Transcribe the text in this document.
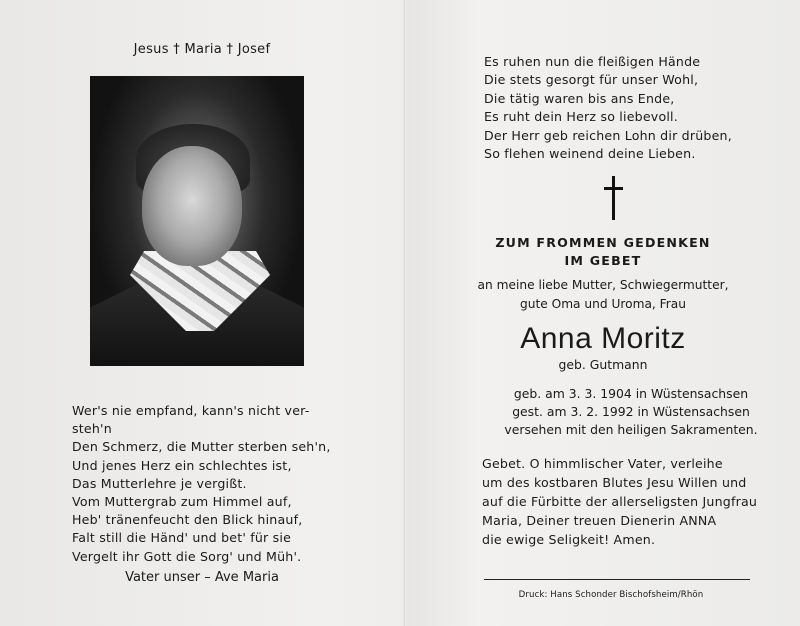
Jesus † Maria † Josef
Wer's nie empfand, kann's nicht ver-
steh'n
Den Schmerz, die Mutter sterben seh'n,
Und jenes Herz ein schlechtes ist,
Das Mutterlehre je vergißt.
Vom Muttergrab zum Himmel auf,
Heb' tränenfeucht den Blick hinauf,
Falt still die Händ' und bet' für sie
Vergelt ihr Gott die Sorg' und Müh'.
Vater unser – Ave Maria
Es ruhen nun die fleißigen Hände
Die stets gesorgt für unser Wohl,
Die tätig waren bis ans Ende,
Es ruht dein Herz so liebevoll.
Der Herr geb reichen Lohn dir drüben,
So flehen weinend deine Lieben.
ZUM FROMMEN GEDENKEN
IM GEBET
an meine liebe Mutter, Schwiegermutter,
gute Oma und Uroma, Frau
Anna Moritz
geb. Gutmann
geb. am 3. 3. 1904 in Wüstensachsen
gest. am 3. 2. 1992 in Wüstensachsen
versehen mit den heiligen Sakramenten.
Gebet. O himmlischer Vater, verleihe
um des kostbaren Blutes Jesu Willen und
auf die Fürbitte der allerseligsten Jungfrau
Maria, Deiner treuen Dienerin ANNA
die ewige Seligkeit! Amen.
Druck: Hans Schonder Bischofsheim/Rhön
